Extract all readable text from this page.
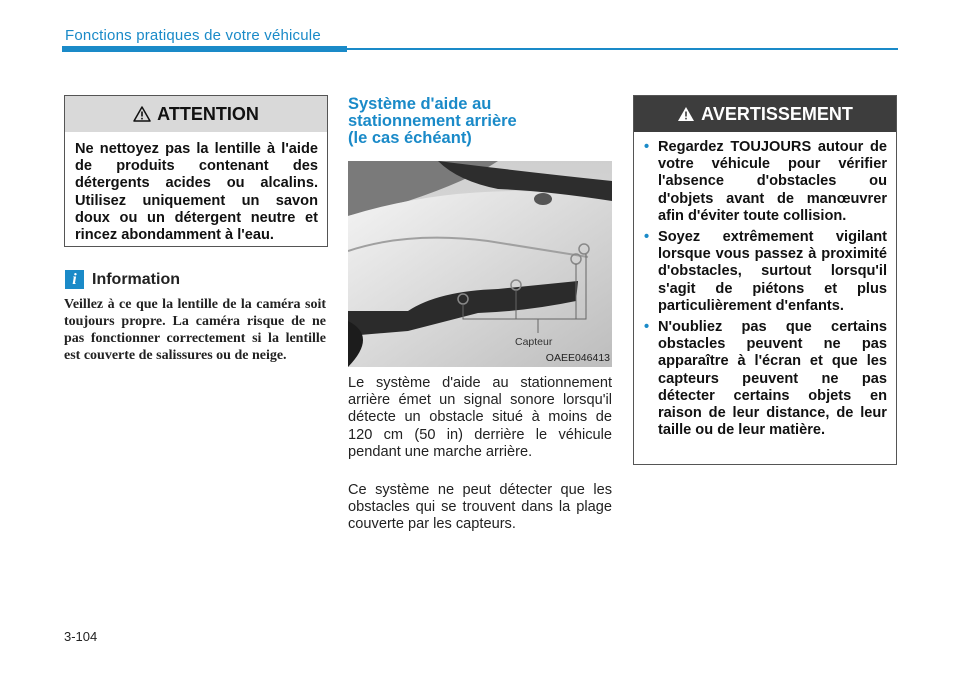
Fonctions pratiques de votre véhicule
ATTENTION
Ne nettoyez pas la lentille à l'aide de produits contenant des détergents acides ou alcalins. Utilisez uniquement un savon doux ou un détergent neutre et rincez abondamment à l'eau.
i Information
Veillez à ce que la lentille de la caméra soit toujours propre. La caméra risque de ne pas fonctionner correctement si la lentille est couverte de salissures ou de neige.
Système d'aide au
stationnement arrière
(le cas échéant)
Capteur
OAEE046413
Le système d'aide au stationnement arrière émet un signal sonore lorsqu'il détecte un obstacle situé à moins de 120 cm (50 in) derrière le véhicule pendant une marche arrière.
Ce système ne peut détecter que les obstacles qui se trouvent dans la plage couverte par les capteurs.
AVERTISSEMENT
• Regardez TOUJOURS autour de votre véhicule pour vérifier l'absence d'obstacles ou d'objets avant de manœuvrer afin d'éviter toute collision.
• Soyez extrêmement vigilant lorsque vous passez à proximité d'obstacles, surtout lorsqu'il s'agit de piétons et plus particulièrement d'enfants.
• N'oubliez pas que certains obstacles peuvent ne pas apparaître à l'écran et que les capteurs peuvent ne pas détecter certains objets en raison de leur distance, de leur taille ou de leur matière.
3-104
